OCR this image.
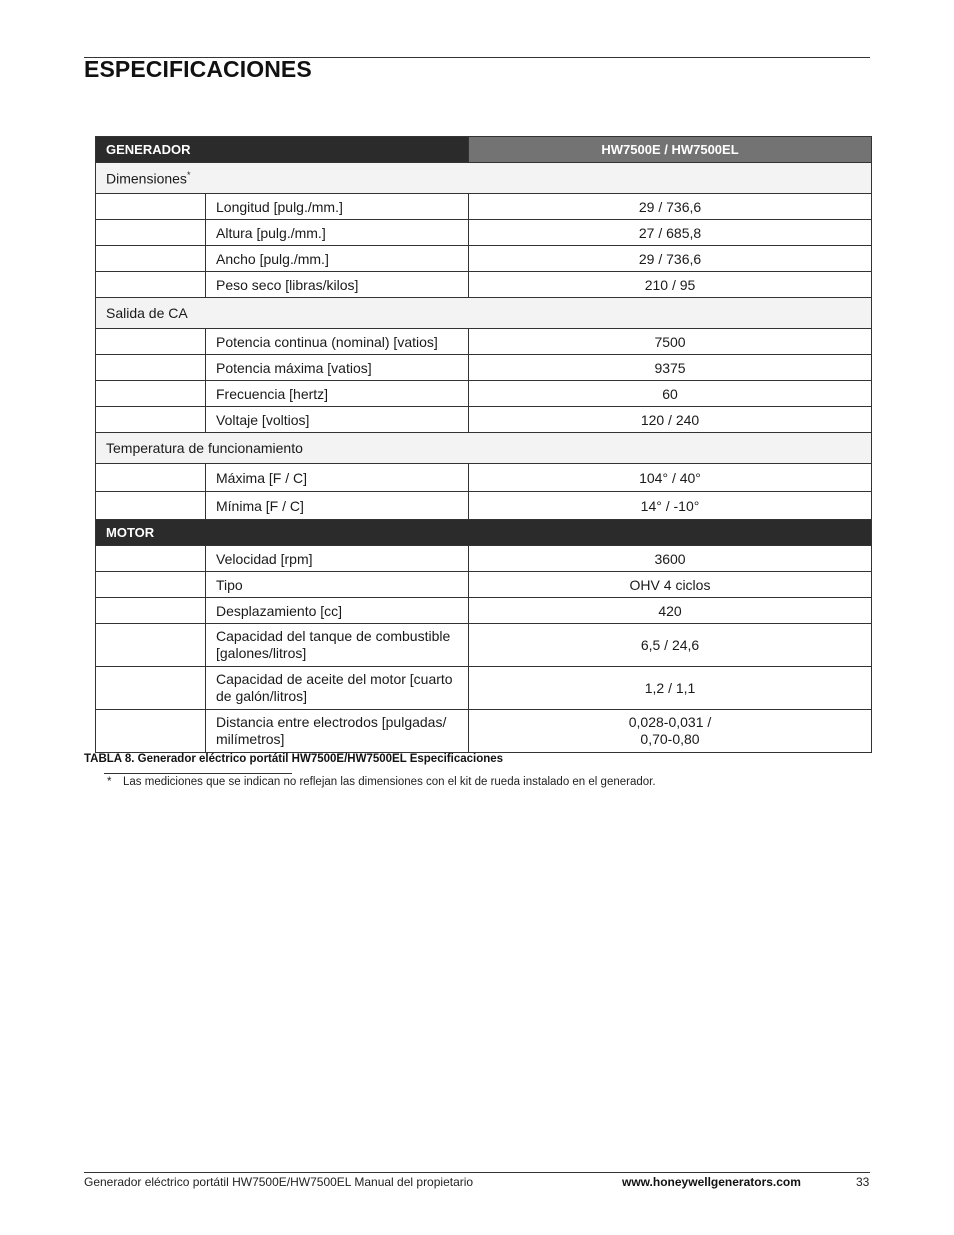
ESPECIFICACIONES
GENERADOR		HW7500E / HW7500EL
Dimensiones*
	Longitud [pulg./mm.]	29 / 736,6
	Altura [pulg./mm.]	27 / 685,8
	Ancho [pulg./mm.]	29 / 736,6
	Peso seco [libras/kilos]	210 / 95
Salida de CA		
	Potencia continua (nominal) [vatios]	7500
	Potencia máxima [vatios]	9375
	Frecuencia [hertz]	60
	Voltaje [voltios]	120 / 240
Temperatura de funcionamiento		
	Máxima [F / C]	104° / 40°
	Mínima [F / C]	14° / -10°
MOTOR		
	Velocidad [rpm]	3600
	Tipo	OHV 4 ciclos
	Desplazamiento [cc]	420
	Capacidad del tanque de combustible
[galones/litros]	6,5 / 24,6
	Capacidad de aceite del motor [cuarto
de galón/litros]	1,2 / 1,1
	Distancia entre electrodos [pulgadas/
milímetros]	0,028-0,031 /
0,70-0,80
TABLA 8. Generador eléctrico portátil HW7500E/HW7500EL Especificaciones
* Las mediciones que se indican no reflejan las dimensiones con el kit de rueda instalado en el generador.
Generador eléctrico portátil HW7500E/HW7500EL Manual del propietario	www.honeywellgenerators.com	33
